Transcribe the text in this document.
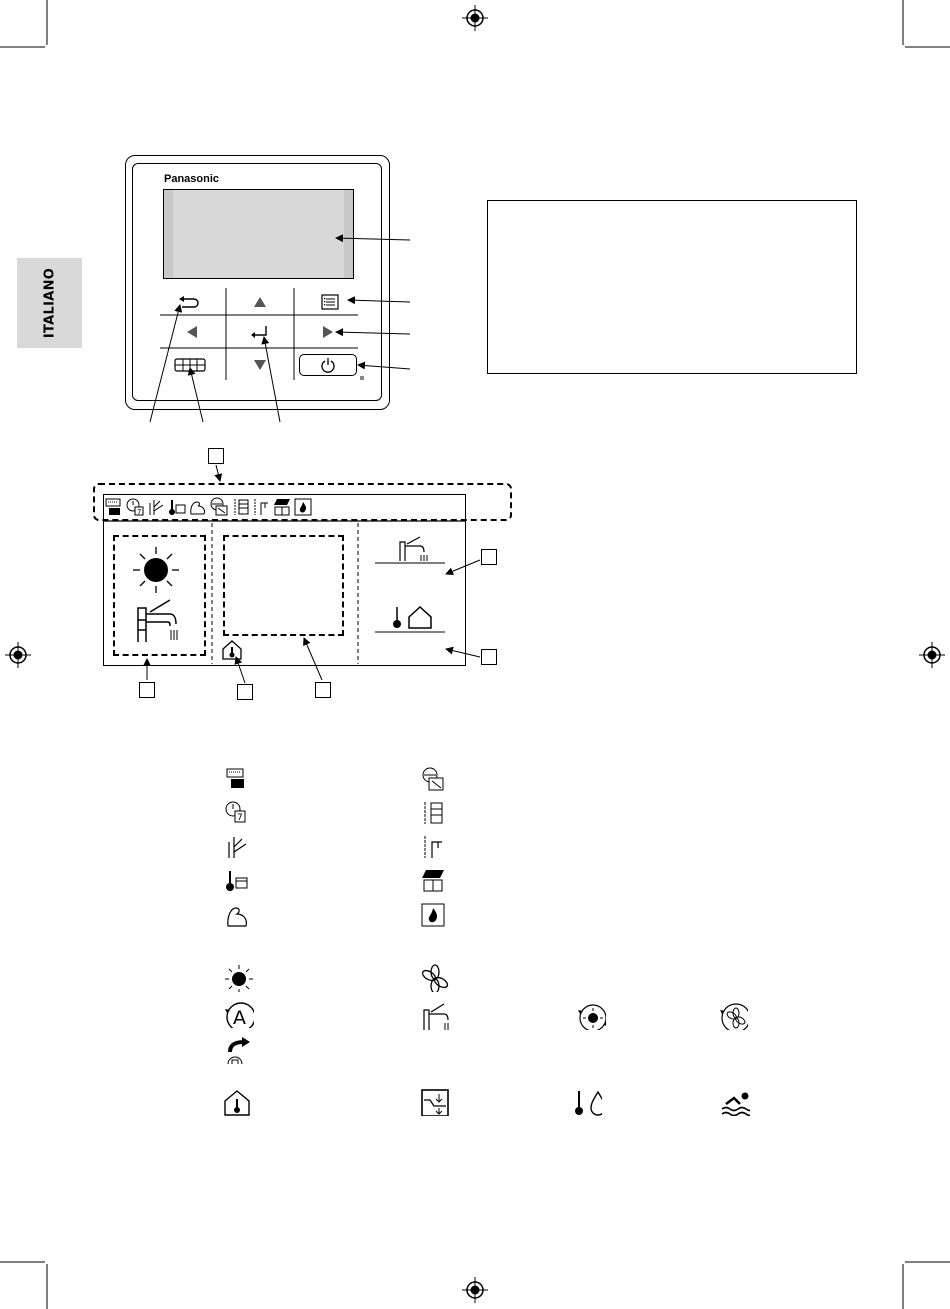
ITALIANO
Panasonic
7
7
A
